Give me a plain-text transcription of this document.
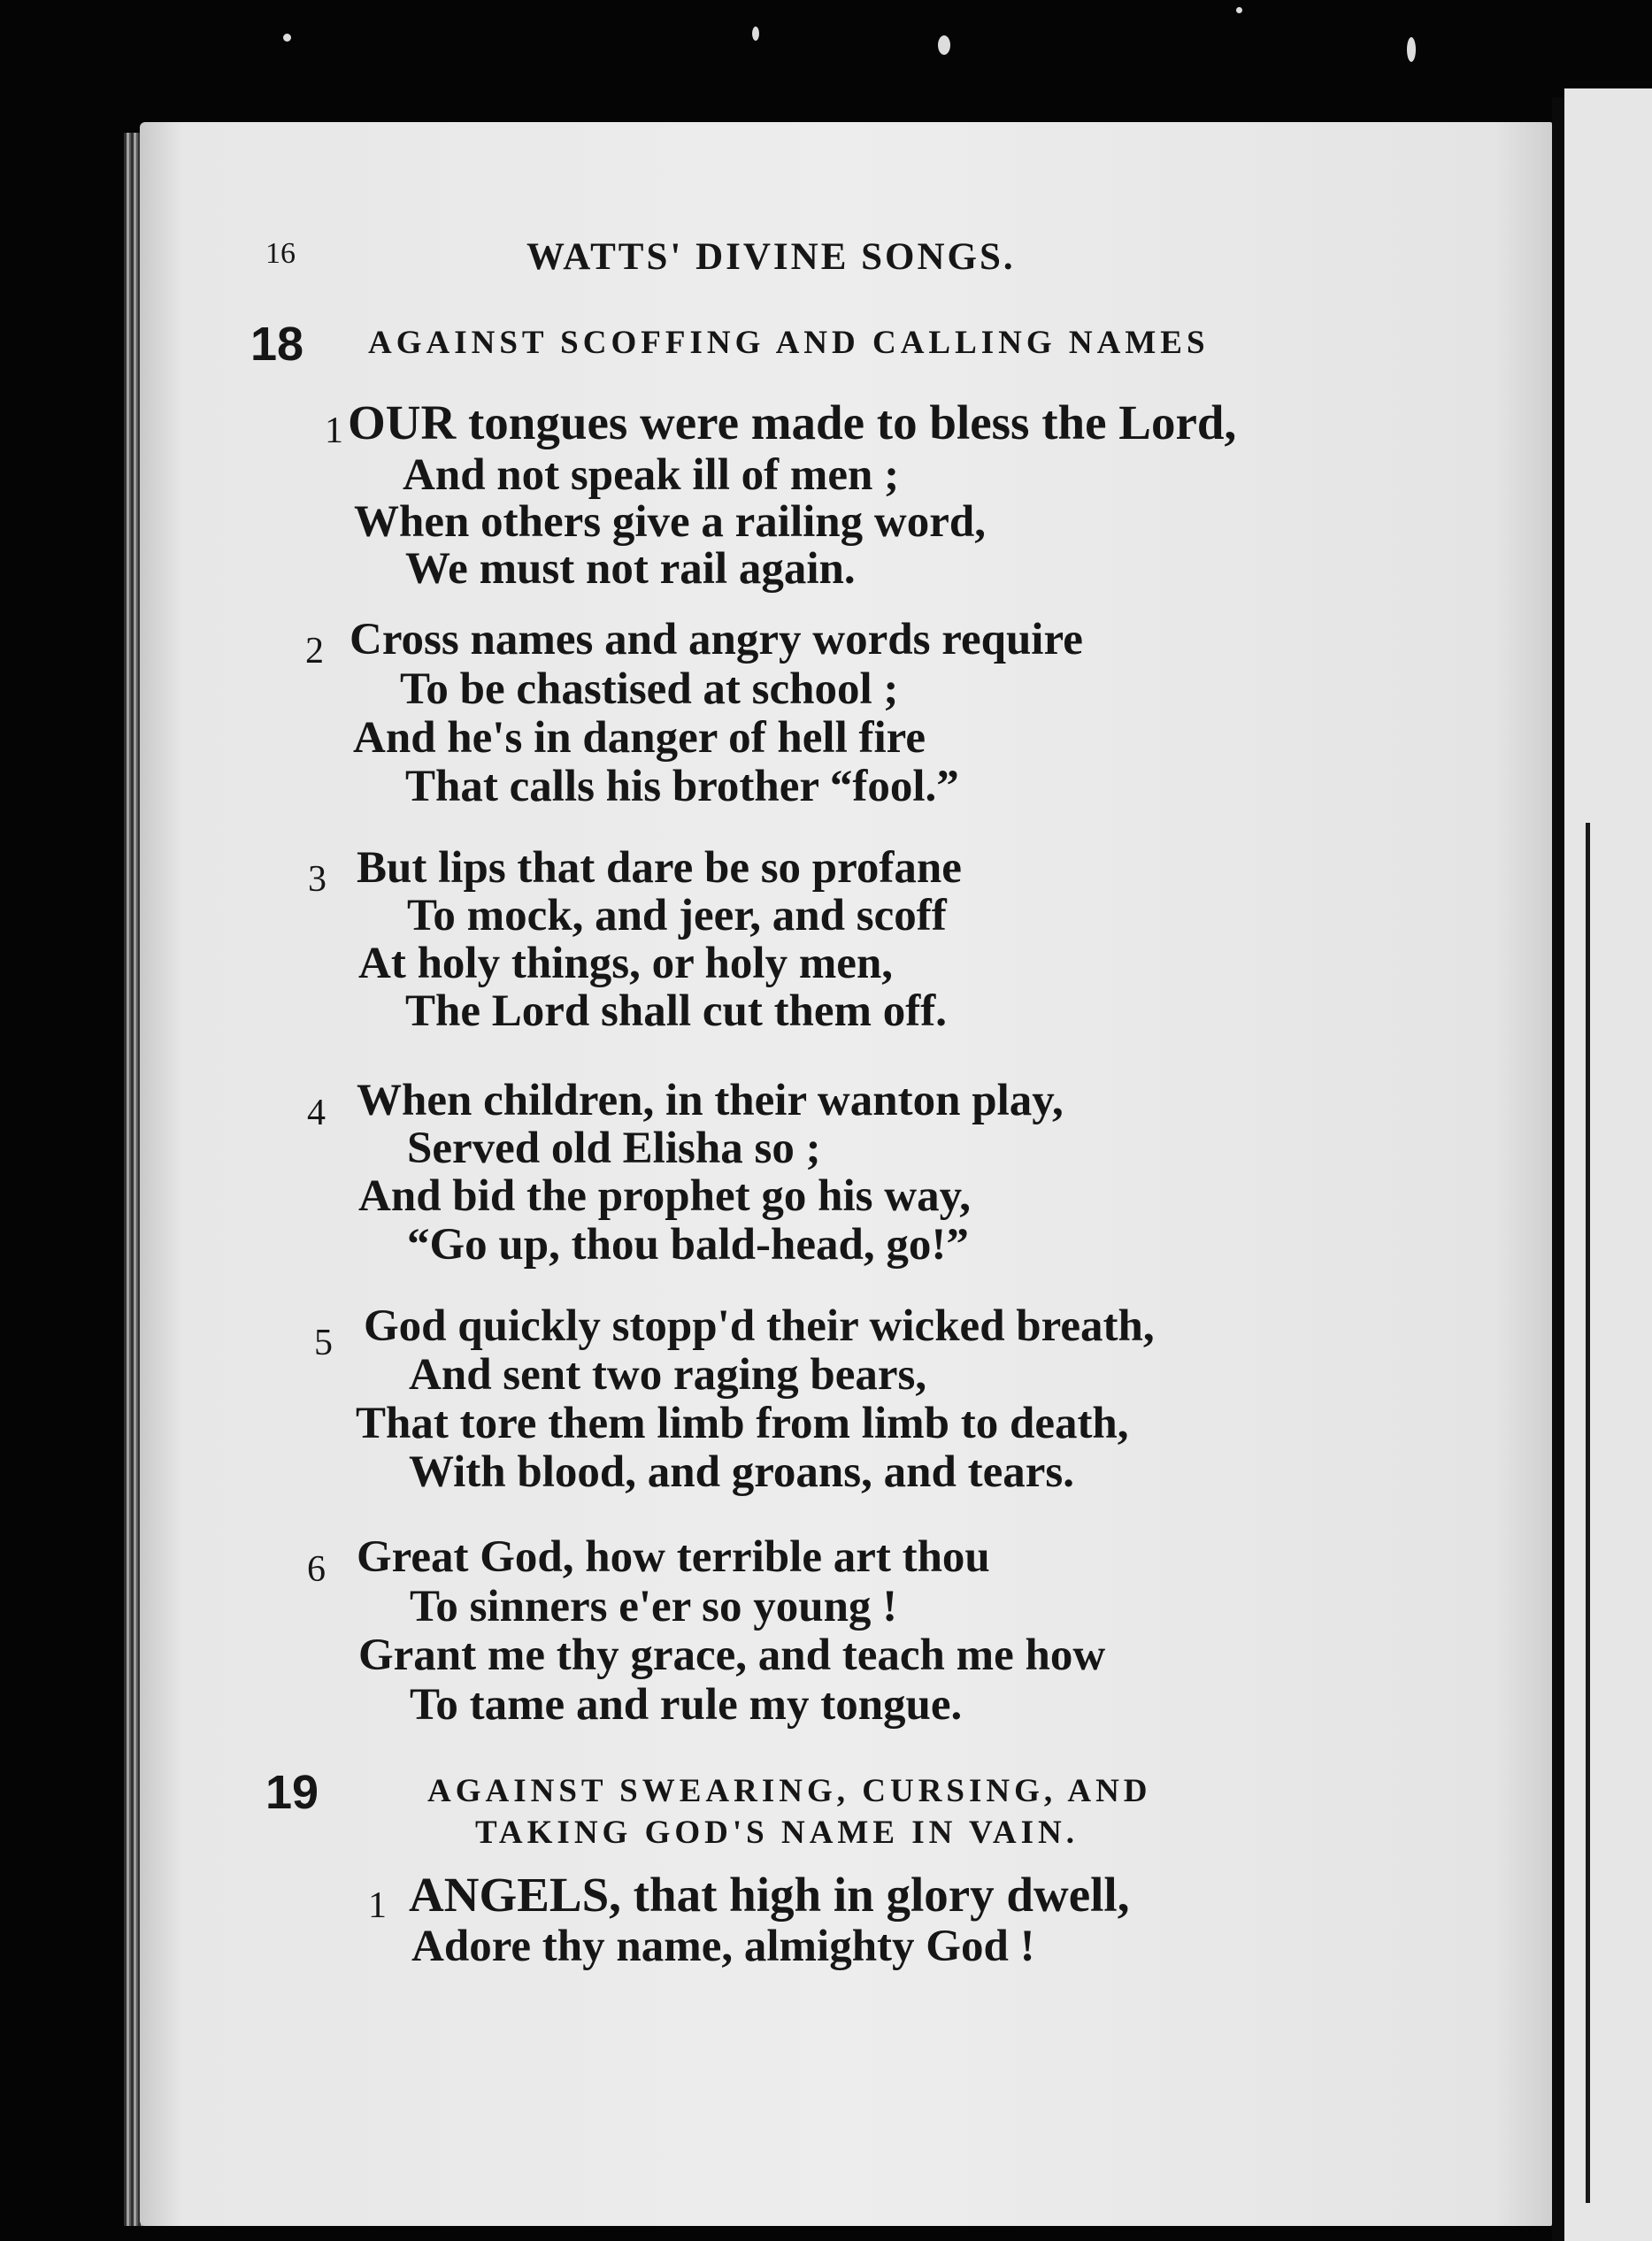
16	WATTS' DIVINE SONGS.
18 AGAINST SCOFFING AND CALLING NAMES
1 OUR tongues were made to bless the Lord,
And not speak ill of men ;
When others give a railing word,
We must not rail again.
2 Cross names and angry words require
To be chastised at school ;
And he's in danger of hell fire
That calls his brother “fool.”
3 But lips that dare be so profane
To mock, and jeer, and scoff
At holy things, or holy men,
The Lord shall cut them off.
4 When children, in their wanton play,
Served old Elisha so ;
And bid the prophet go his way,
“Go up, thou bald-head, go!”
5 God quickly stopp'd their wicked breath,
And sent two raging bears,
That tore them limb from limb to death,
With blood, and groans, and tears.
6 Great God, how terrible art thou
To sinners e'er so young !
Grant me thy grace, and teach me how
To tame and rule my tongue.
19	AGAINST SWEARING, CURSING, AND
TAKING GOD'S NAME IN VAIN.
1 ANGELS, that high in glory dwell,
Adore thy name, almighty God !
